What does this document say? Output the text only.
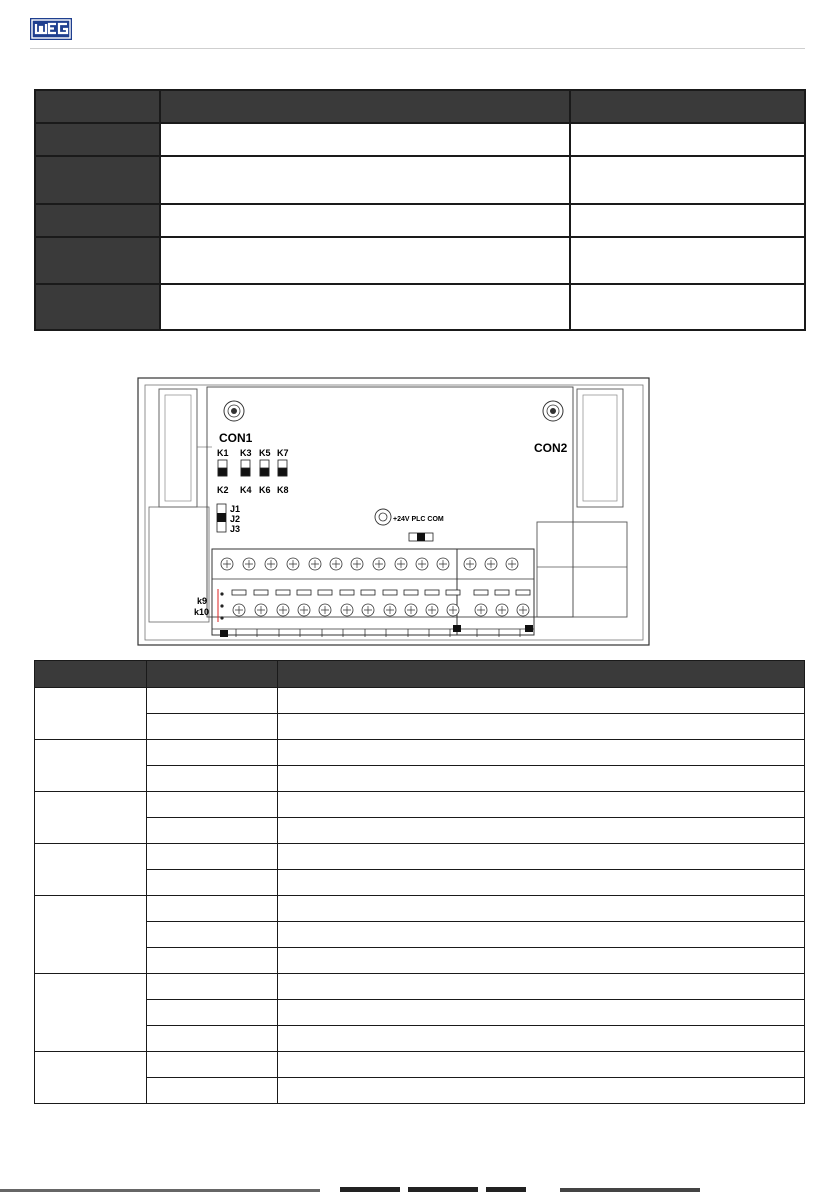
CON1
CON2
+24V PLC COM
K1 K3 K5 K7
K2 K4 K6 K8
J1
J2
J3
k9
k10
